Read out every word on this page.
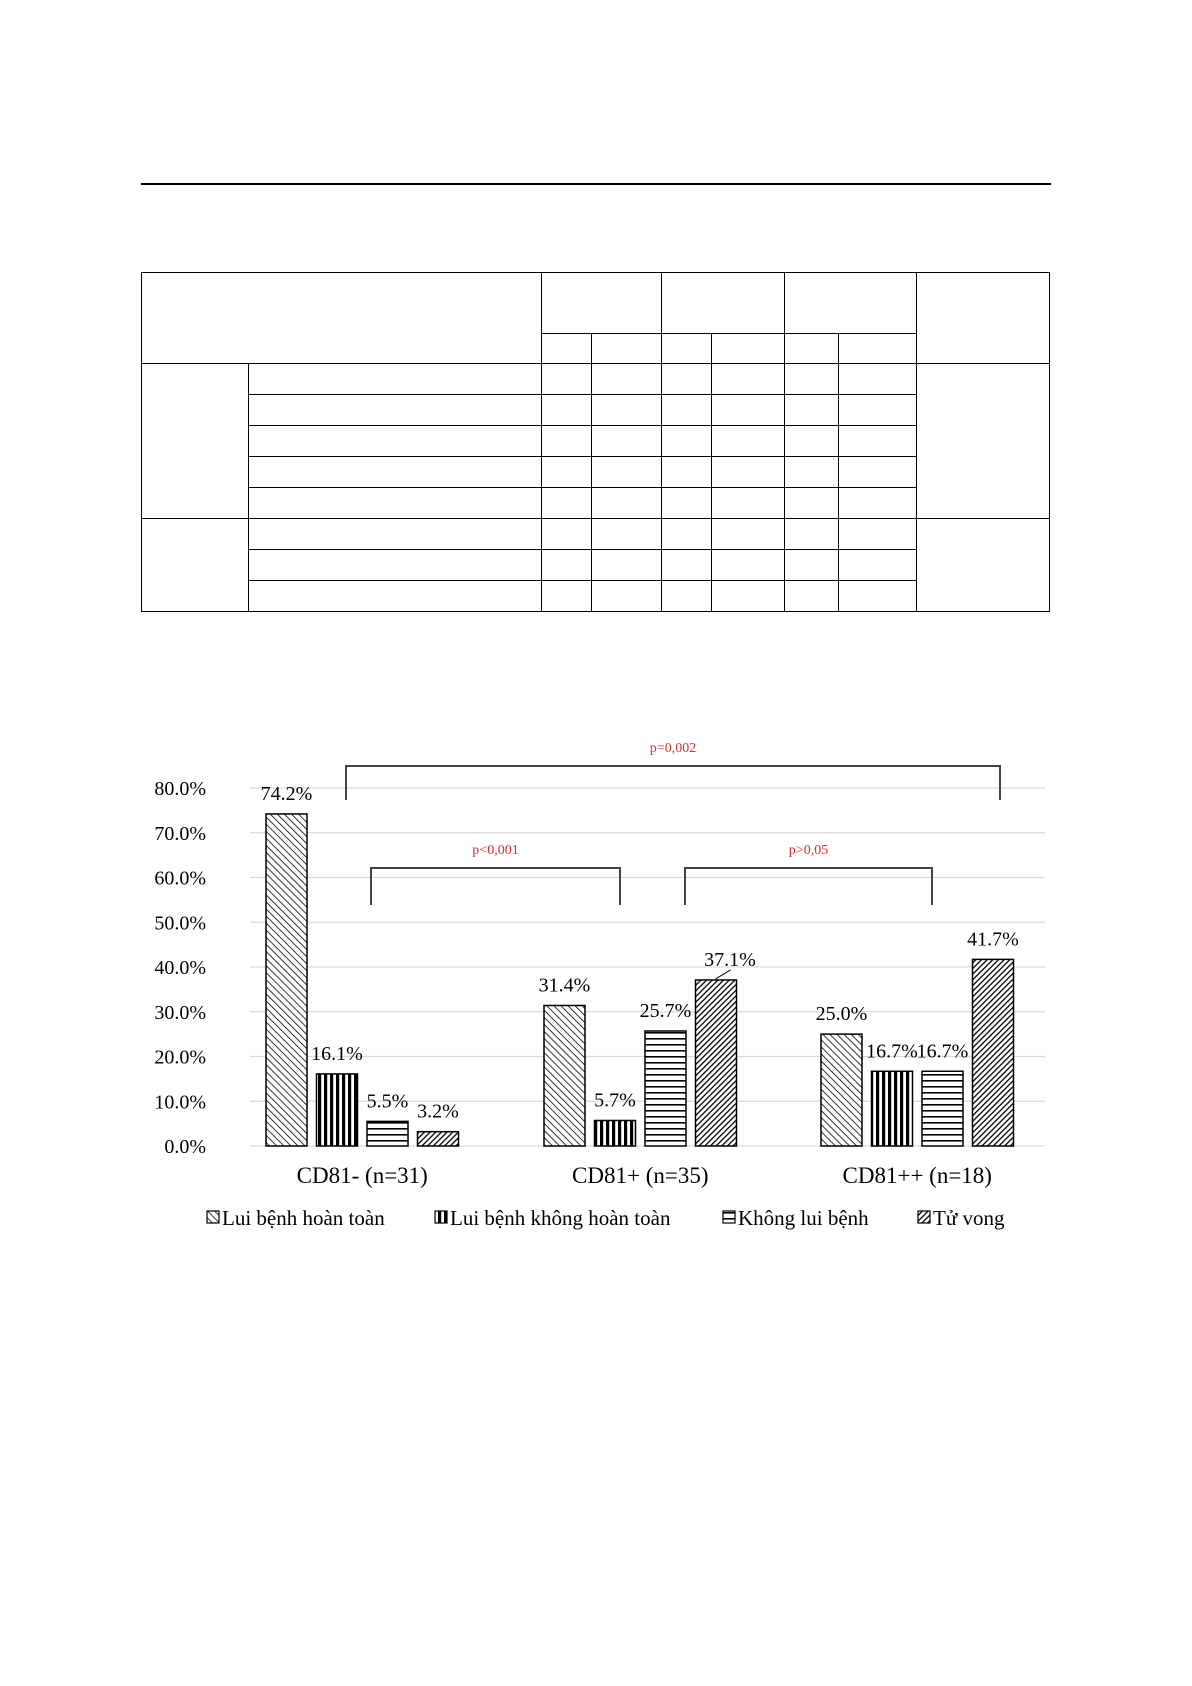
0.0%
10.0%
20.0%
30.0%
40.0%
50.0%
60.0%
70.0%
80.0%
p=0,002
p<0,001	p>0,05
74.2%
16.1%
5.5% 3.2%
31.4%
5.7%
25.7%
37.1%
25.0%
16.7%
16.7%
41.7%
CD81- (n=31)	CD81+ (n=35)	CD81++ (n=18)
Lui bệnh hoàn toàn	Lui bệnh không hoàn toàn	Không lui bệnh	Tử vong
